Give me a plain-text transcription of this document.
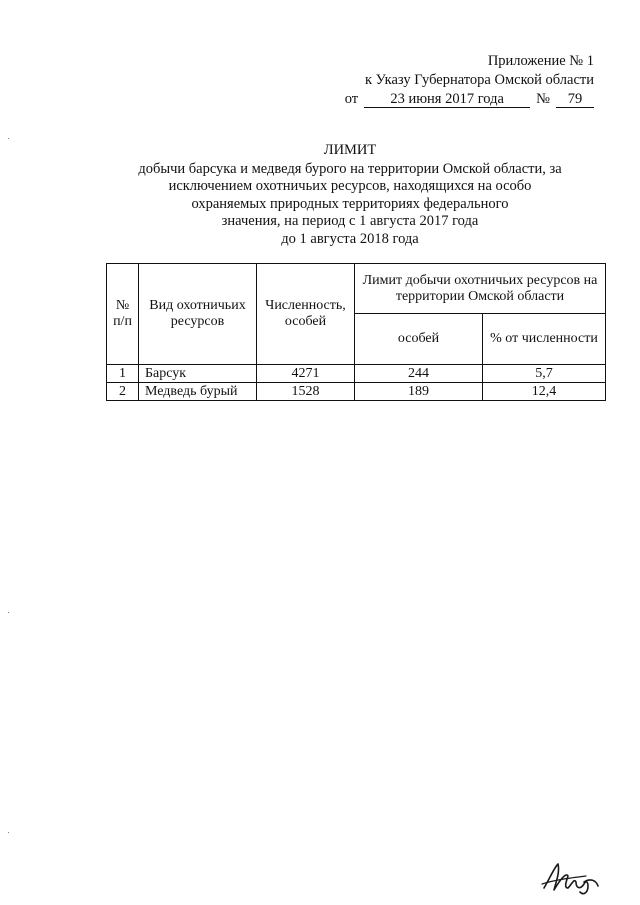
Приложение № 1
к Указу Губернатора Омской области
от	23 июня 2017 года	№	79
ЛИМИТ
добычи барсука и медведя бурого на территории Омской области, за
исключением охотничьих ресурсов, находящихся на особо
охраняемых природных территориях федерального
значения, на период с 1 августа 2017 года
до 1 августа 2018 года
№ п/п	Вид охотничьих ресурсов	Численность, особей	Лимит добычи охотничьих ресурсов на территории Омской области	
			особей	% от численности
1	Барсук	4271	244	5,7
2	Медведь бурый	1528	189	12,4
